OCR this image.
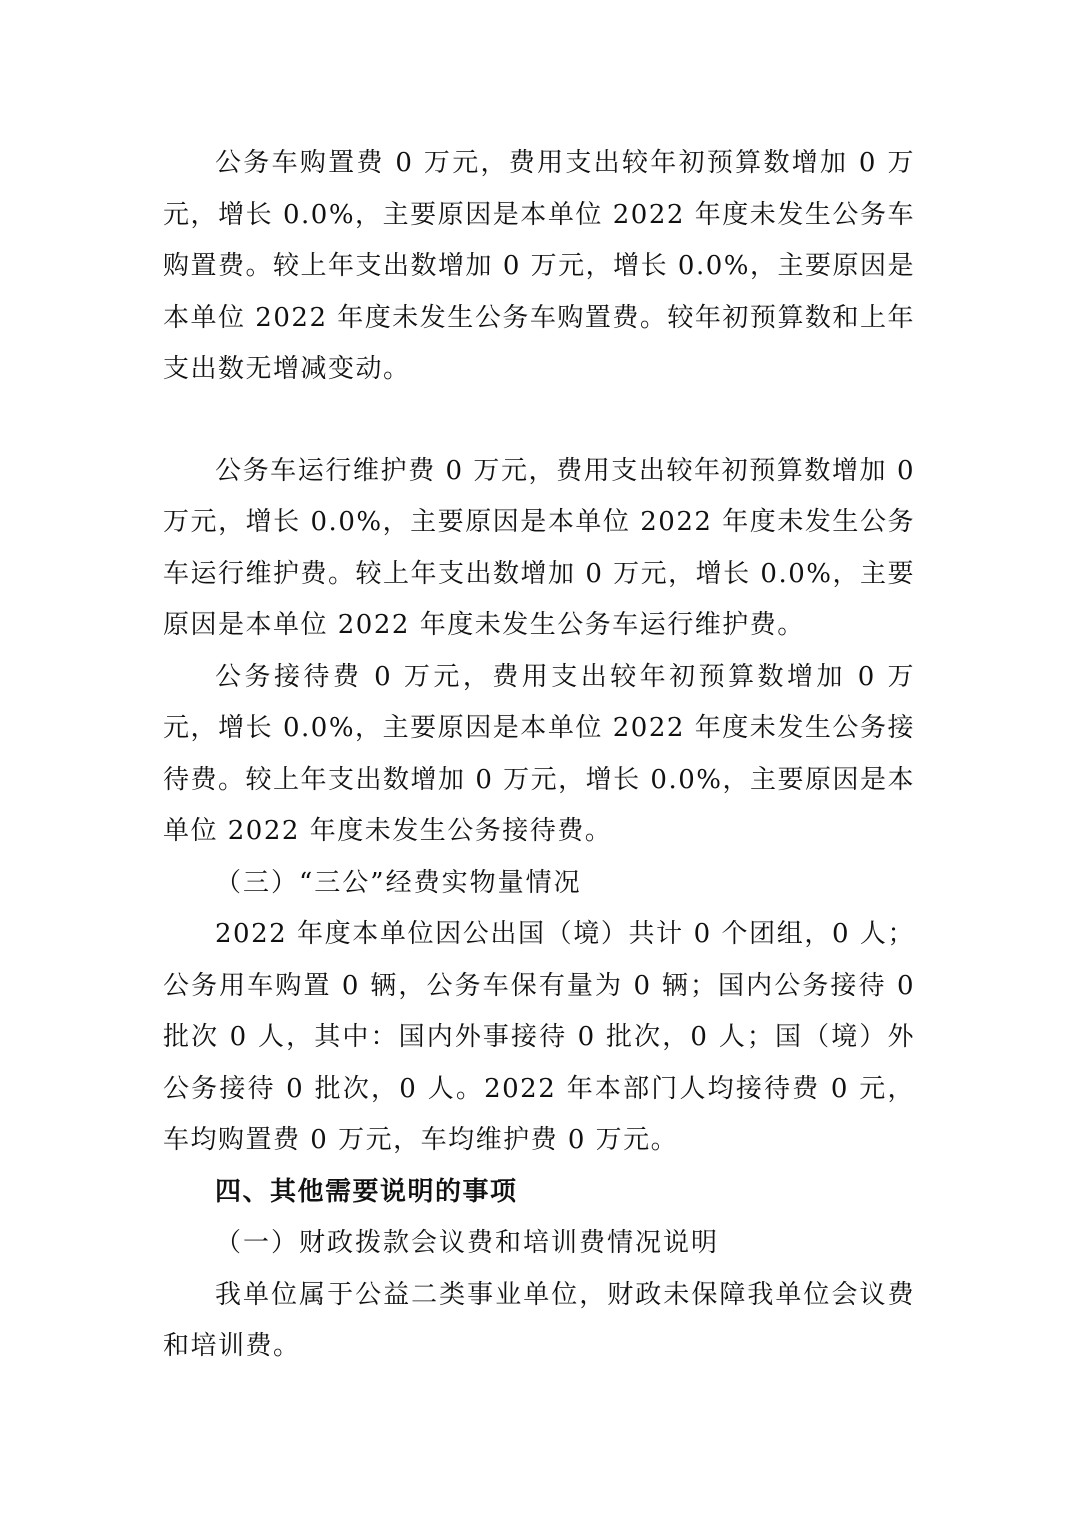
公务车购置费 0 万元，费用支出较年初预算数增加 0 万元，增长 0.0%，主要原因是本单位 2022 年度未发生公务车购置费。较上年支出数增加 0 万元，增长 0.0%，主要原因是本单位 2022 年度未发生公务车购置费。较年初预算数和上年支出数无增减变动。

公务车运行维护费 0 万元，费用支出较年初预算数增加 0 万元，增长 0.0%，主要原因是本单位 2022 年度未发生公务车运行维护费。较上年支出数增加 0 万元，增长 0.0%，主要原因是本单位 2022 年度未发生公务车运行维护费。

公务接待费 0 万元，费用支出较年初预算数增加 0 万元，增长 0.0%，主要原因是本单位 2022 年度未发生公务接待费。较上年支出数增加 0 万元，增长 0.0%，主要原因是本单位 2022 年度未发生公务接待费。

（三）“三公”经费实物量情况

2022 年度本单位因公出国（境）共计 0 个团组，0 人；公务用车购置 0 辆，公务车保有量为 0 辆；国内公务接待 0 批次 0 人，其中：国内外事接待 0 批次，0 人；国（境）外公务接待 0 批次，0 人。2022 年本部门人均接待费 0 元，车均购置费 0 万元，车均维护费 0 万元。

四、其他需要说明的事项

（一）财政拨款会议费和培训费情况说明

我单位属于公益二类事业单位，财政未保障我单位会议费和培训费。
